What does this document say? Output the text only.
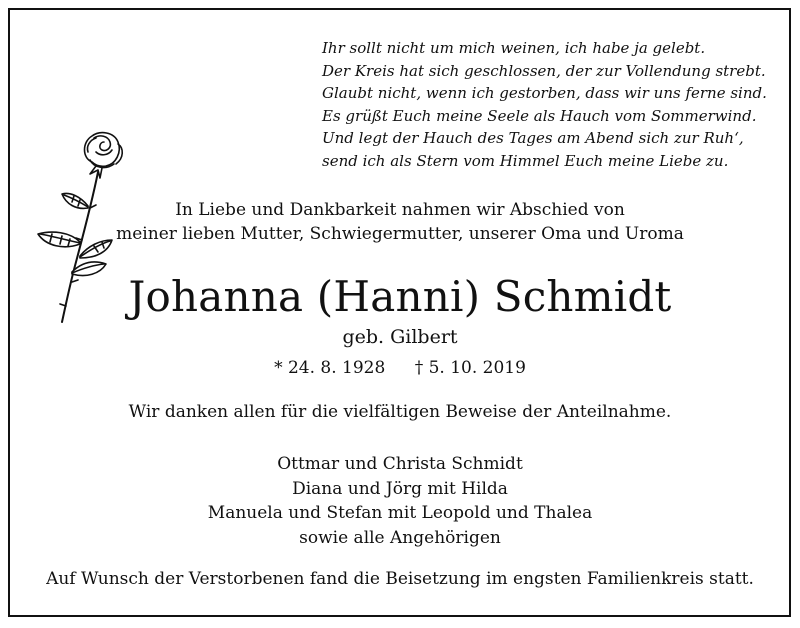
Ihr sollt nicht um mich weinen, ich habe ja gelebt.
Der Kreis hat sich geschlossen, der zur Vollendung strebt.
Glaubt nicht, wenn ich gestorben, dass wir uns ferne sind.
Es grüßt Euch meine Seele als Hauch vom Sommerwind.
Und legt der Hauch des Tages am Abend sich zur Ruh‘,
send ich als Stern vom Himmel Euch meine Liebe zu.
In Liebe und Dankbarkeit nahmen wir Abschied von
meiner lieben Mutter, Schwiegermutter, unserer Oma und Uroma
Johanna (Hanni) Schmidt
geb. Gilbert
* 24. 8. 1928 † 5. 10. 2019
Wir danken allen für die vielfältigen Beweise der Anteilnahme.
Ottmar und Christa Schmidt
Diana und Jörg mit Hilda
Manuela und Stefan mit Leopold und Thalea
sowie alle Angehörigen
Auf Wunsch der Verstorbenen fand die Beisetzung im engsten Familienkreis statt.
